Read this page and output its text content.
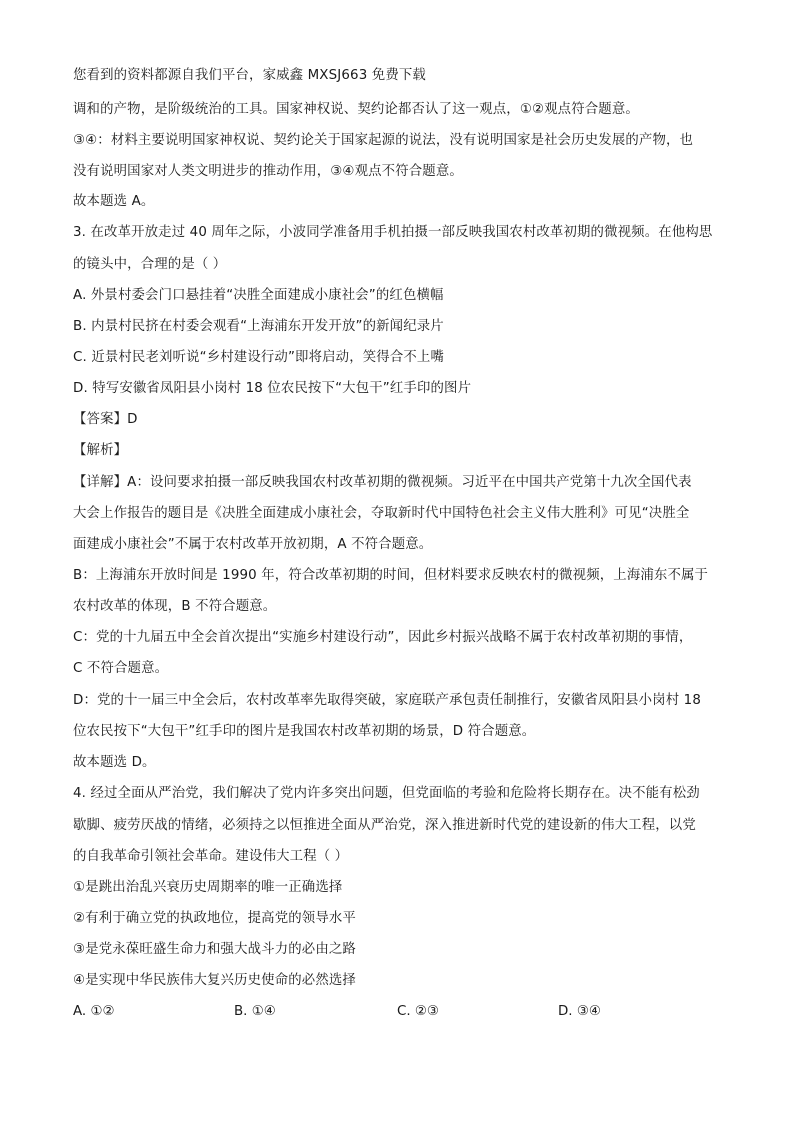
您看到的资料都源自我们平台，家威鑫 MXSJ663 免费下载
调和的产物，是阶级统治的工具。国家神权说、契约论都否认了这一观点，①②观点符合题意。
③④：材料主要说明国家神权说、契约论关于国家起源的说法，没有说明国家是社会历史发展的产物，也
没有说明国家对人类文明进步的推动作用，③④观点不符合题意。
故本题选 A。
3. 在改革开放走过 40 周年之际，小波同学准备用手机拍摄一部反映我国农村改革初期的微视频。在他构思
的镜头中，合理的是（ ）
A. 外景村委会门口悬挂着“决胜全面建成小康社会”的红色横幅
B. 内景村民挤在村委会观看“上海浦东开发开放”的新闻纪录片
C. 近景村民老刘听说“乡村建设行动”即将启动，笑得合不上嘴
D. 特写安徽省凤阳县小岗村 18 位农民按下“大包干”红手印的图片
【答案】D
【解析】
【详解】A：设问要求拍摄一部反映我国农村改革初期的微视频。习近平在中国共产党第十九次全国代表
大会上作报告的题目是《决胜全面建成小康社会，夺取新时代中国特色社会主义伟大胜利》可见“决胜全
面建成小康社会”不属于农村改革开放初期，A 不符合题意。
B：上海浦东开放时间是 1990 年，符合改革初期的时间，但材料要求反映农村的微视频，上海浦东不属于
农村改革的体现，B 不符合题意。
C：党的十九届五中全会首次提出“实施乡村建设行动”，因此乡村振兴战略不属于农村改革初期的事情，
C 不符合题意。
D：党的十一届三中全会后，农村改革率先取得突破，家庭联产承包责任制推行，安徽省凤阳县小岗村 18
位农民按下“大包干”红手印的图片是我国农村改革初期的场景，D 符合题意。
故本题选 D。
4. 经过全面从严治党，我们解决了党内许多突出问题，但党面临的考验和危险将长期存在。决不能有松劲
歇脚、疲劳厌战的情绪，必须持之以恒推进全面从严治党，深入推进新时代党的建设新的伟大工程，以党
的自我革命引领社会革命。建设伟大工程（ ）
①是跳出治乱兴衰历史周期率的唯一正确选择
②有利于确立党的执政地位，提高党的领导水平
③是党永葆旺盛生命力和强大战斗力的必由之路
④是实现中华民族伟大复兴历史使命的必然选择
A. ①②	B. ①④	C. ②③	D. ③④
